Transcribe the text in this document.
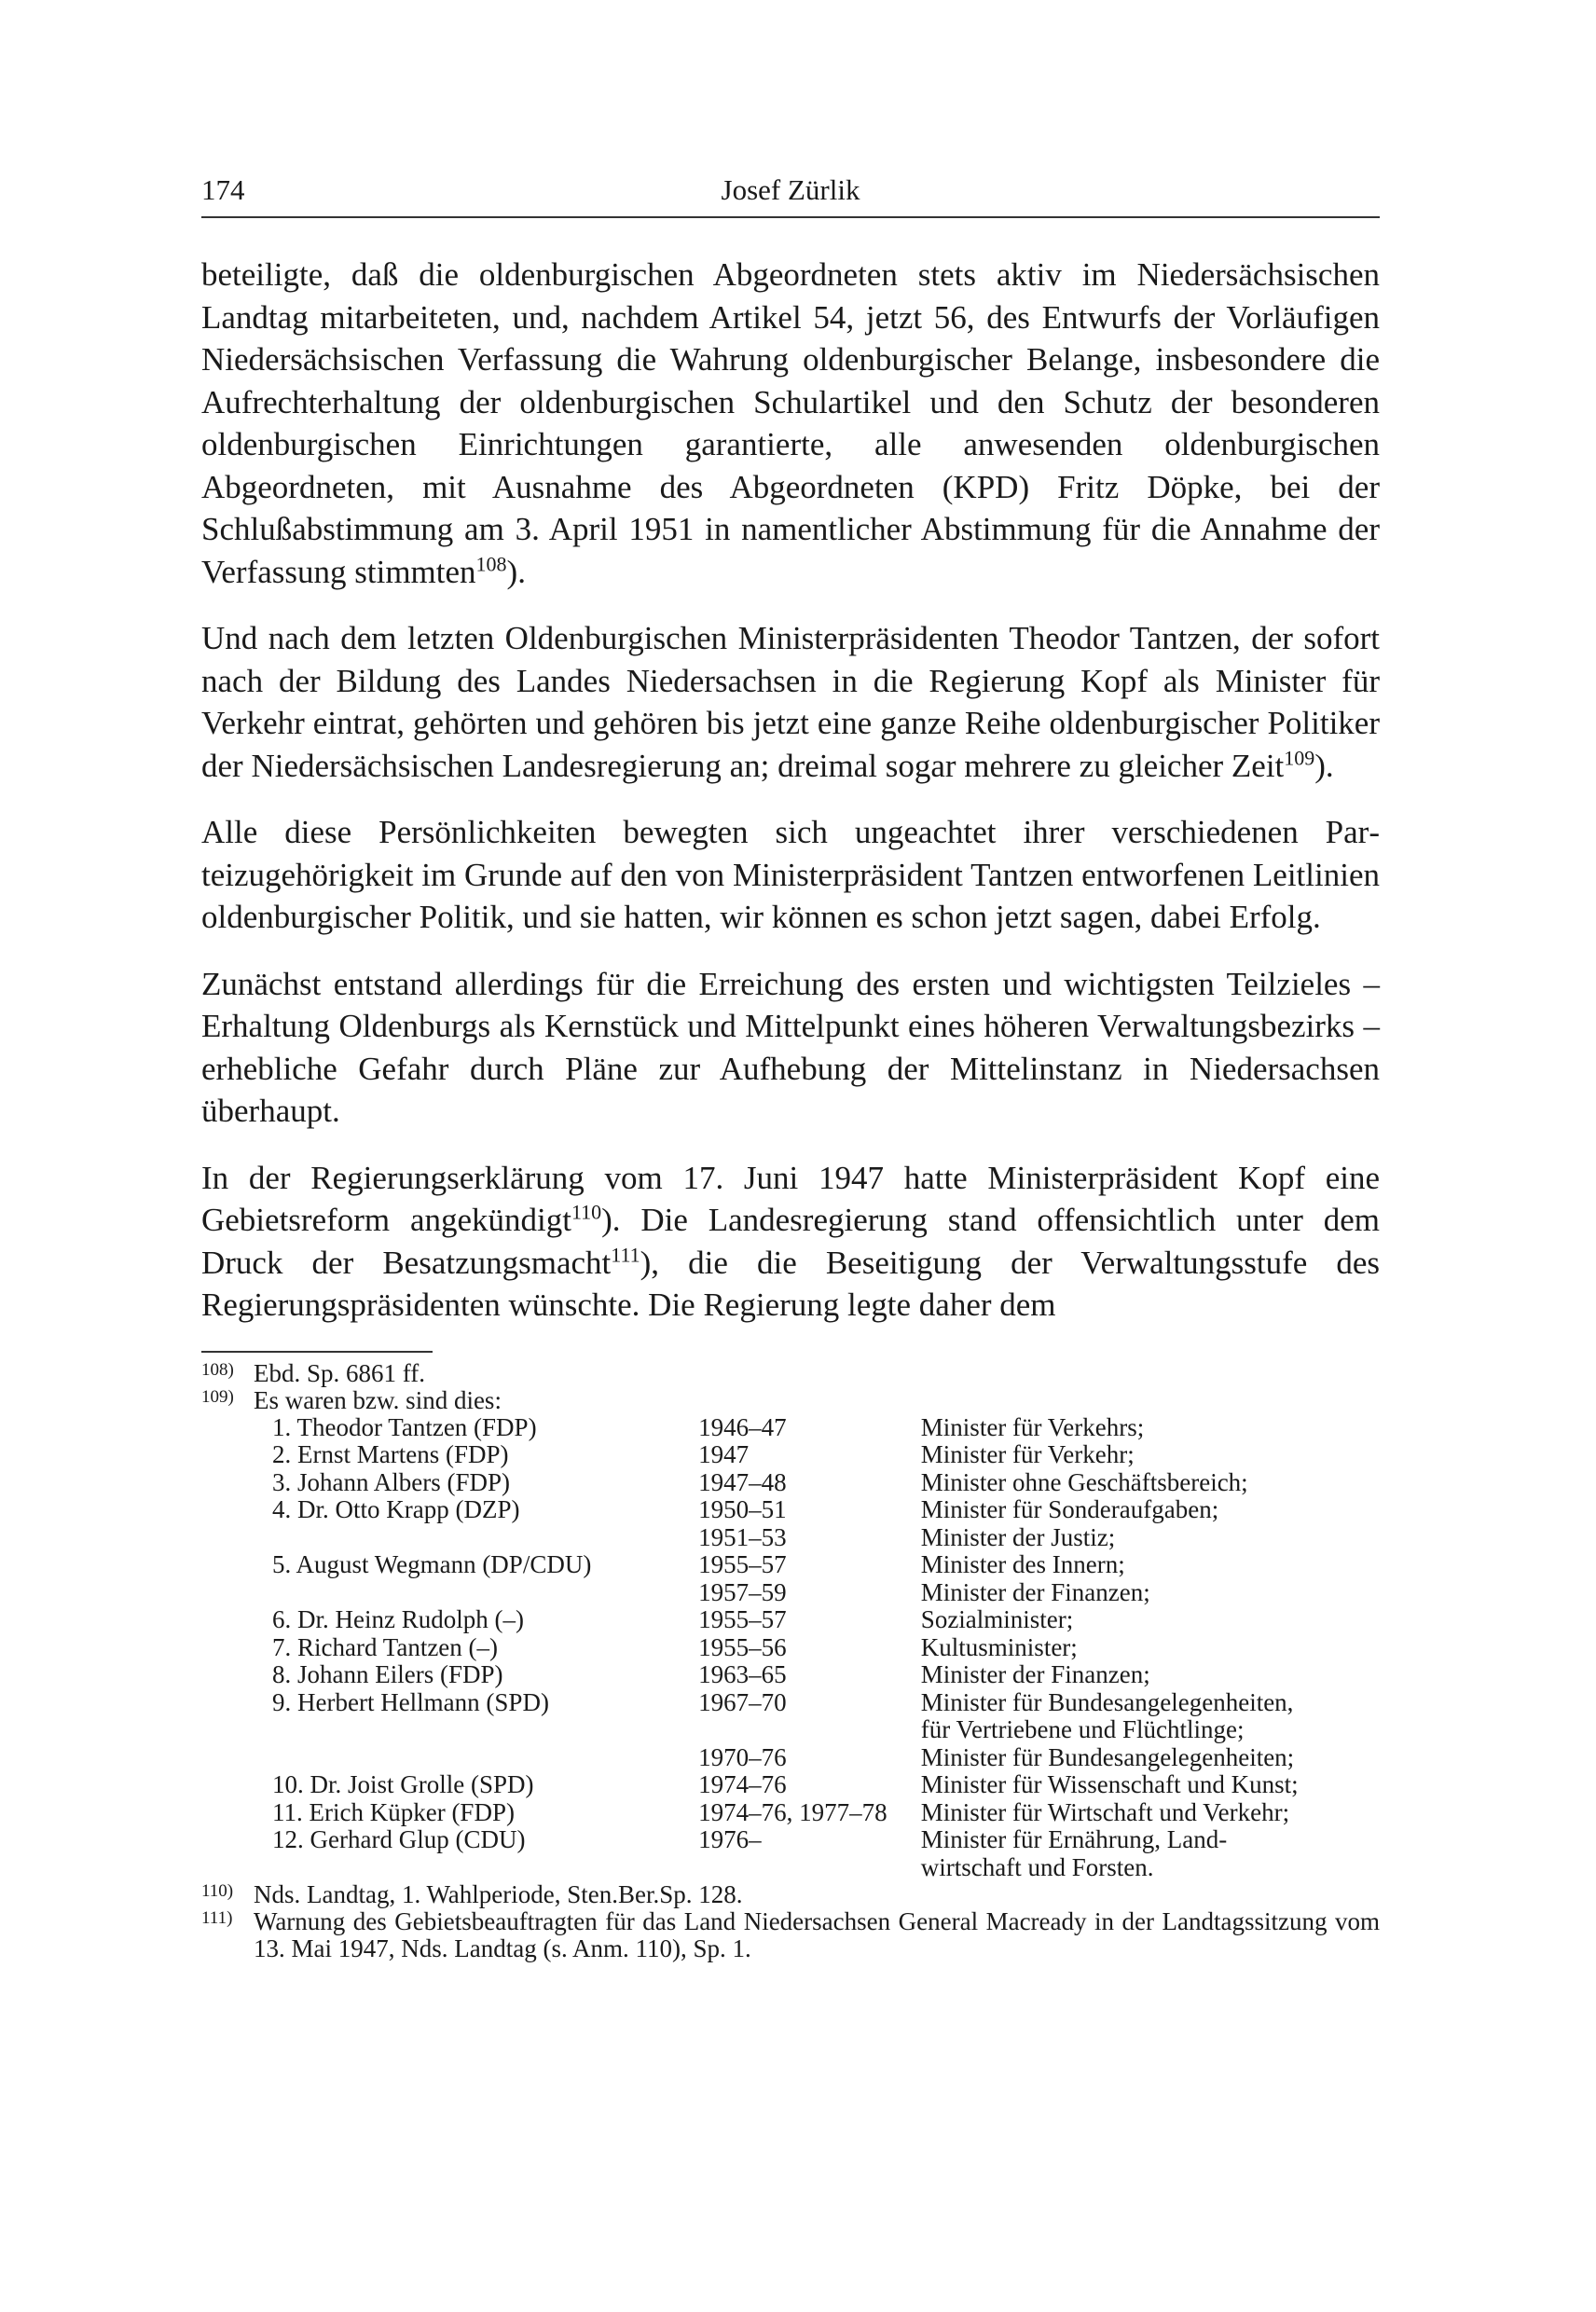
174	Josef Zürlik

beteiligte, daß die oldenburgischen Abgeordneten stets aktiv im Niedersächsischen Landtag mitarbeiteten, und, nachdem Artikel 54, jetzt 56, des Entwurfs der Vorläufigen Niedersächsischen Verfassung die Wahrung oldenburgischer Belange, insbesondere die Aufrechterhaltung der oldenburgischen Schulartikel und den Schutz der besonderen oldenburgischen Einrichtungen garantierte, alle anwesenden oldenburgischen Abgeordneten, mit Ausnahme des Abgeordneten (KPD) Fritz Döpke, bei der Schlußabstimmung am 3. April 1951 in namentlicher Abstimmung für die Annahme der Verfassung stimmten$^{108}$).

Und nach dem letzten Oldenburgischen Ministerpräsidenten Theodor Tantzen, der sofort nach der Bildung des Landes Niedersachsen in die Regierung Kopf als Minister für Verkehr eintrat, gehörten und gehören bis jetzt eine ganze Reihe oldenburgischer Politiker der Niedersächsischen Landesregierung an; dreimal sogar mehrere zu gleicher Zeit$^{109}$).

Alle diese Persönlichkeiten bewegten sich ungeachtet ihrer verschiedenen Parteizugehörigkeit im Grunde auf den von Ministerpräsident Tantzen entworfenen Leitlinien oldenburgischer Politik, und sie hatten, wir können es schon jetzt sagen, dabei Erfolg.

Zunächst entstand allerdings für die Erreichung des ersten und wichtigsten Teilzieles – Erhaltung Oldenburgs als Kernstück und Mittelpunkt eines höheren Verwaltungsbezirks – erhebliche Gefahr durch Pläne zur Aufhebung der Mittelinstanz in Niedersachsen überhaupt.

In der Regierungserklärung vom 17. Juni 1947 hatte Ministerpräsident Kopf eine Gebietsreform angekündigt$^{110}$). Die Landesregierung stand offensichtlich unter dem Druck der Besatzungsmacht$^{111}$), die die Beseitigung der Verwaltungsstufe des Regierungspräsidenten wünschte. Die Regierung legte daher dem

108) Ebd. Sp. 6861 ff.
109) Es waren bzw. sind dies:
1. Theodor Tantzen (FDP)	1946–47	Minister für Verkehrs;
2. Ernst Martens (FDP)	1947	Minister für Verkehr;
3. Johann Albers (FDP)	1947–48	Minister ohne Geschäftsbereich;
4. Dr. Otto Krapp (DZP)	1950–51	Minister für Sonderaufgaben;
	1951–53	Minister der Justiz;
5. August Wegmann (DP/CDU)	1955–57	Minister des Innern;
	1957–59	Minister der Finanzen;
6. Dr. Heinz Rudolph (–)	1955–57	Sozialminister;
7. Richard Tantzen (–)	1955–56	Kultusminister;
8. Johann Eilers (FDP)	1963–65	Minister der Finanzen;
9. Herbert Hellmann (SPD)	1967–70	Minister für Bundesangelegenheiten,
		für Vertriebene und Flüchtlinge;
	1970–76	Minister für Bundesangelegenheiten;
10. Dr. Joist Grolle (SPD)	1974–76	Minister für Wissenschaft und Kunst;
11. Erich Küpker (FDP)	1974–76, 1977–78	Minister für Wirtschaft und Verkehr;
12. Gerhard Glup (CDU)	1976–	Minister für Ernährung, Land-
		wirtschaft und Forsten.
110) Nds. Landtag, 1. Wahlperiode, Sten.Ber.Sp. 128.
111) Warnung des Gebietsbeauftragten für das Land Niedersachsen General Macready in der Landtagssitzung vom 13. Mai 1947, Nds. Landtag (s. Anm. 110), Sp. 1.
